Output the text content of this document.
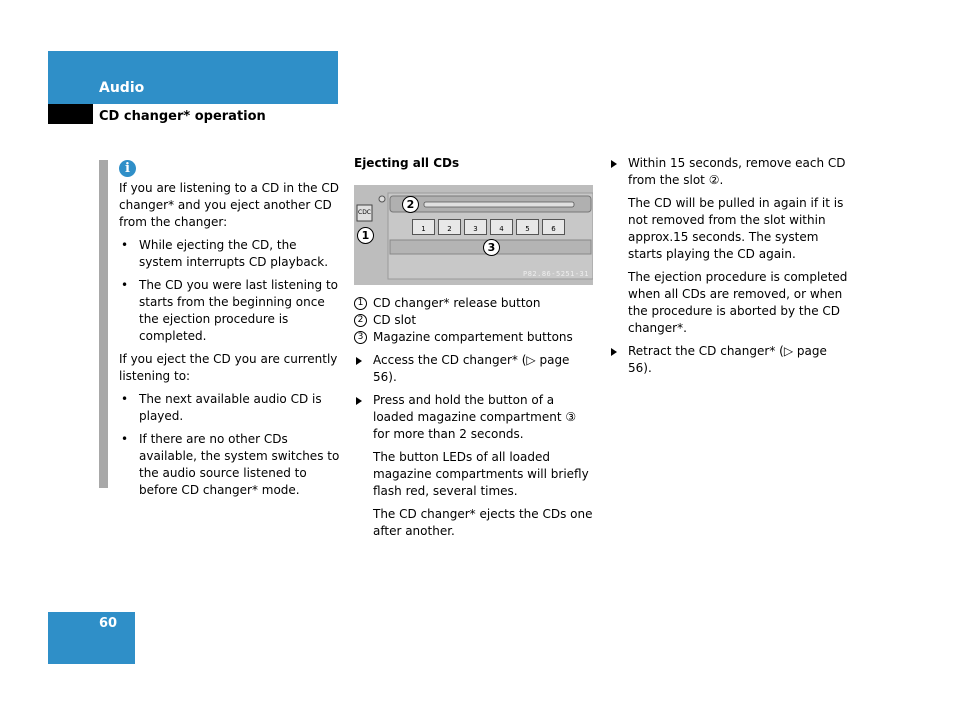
Audio
CD changer* operation
i

If you are listening to a CD in the CD changer* and you eject another CD from the changer:

• While ejecting the CD, the system interrupts CD playback.
• The CD you were last listening to starts from the beginning once the ejection procedure is completed.

If you eject the CD you are currently listening to:

• The next available audio CD is played.
• If there are no other CDs available, the system switches to the audio source listened to before CD changer* mode.
Ejecting all CDs
CDC
1	2	3	4	5	6
1
2
3
P82.86-5251-31
1 CD changer* release button
2 CD slot
3 Magazine compartement buttons
Access the CD changer* (▷ page 56).
Press and hold the button of a loaded magazine compartment ③ for more than 2 seconds.
The button LEDs of all loaded magazine compartments will briefly flash red, several times.
The CD changer* ejects the CDs one after another.
Within 15 seconds, remove each CD from the slot ②.
The CD will be pulled in again if it is not removed from the slot within approx.15 seconds. The system starts playing the CD again.
The ejection procedure is completed when all CDs are removed, or when the procedure is aborted by the CD changer*.
Retract the CD changer* (▷ page 56).
60
